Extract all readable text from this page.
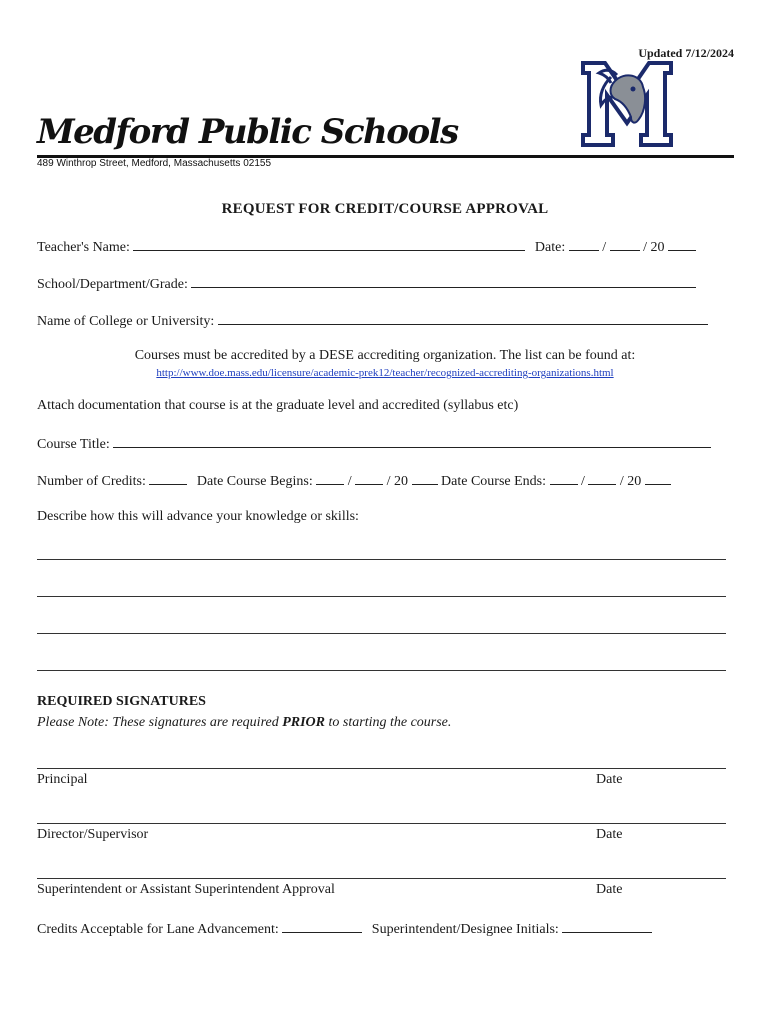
Updated 7/12/2024
Medford Public Schools
489 Winthrop Street, Medford, Massachusetts 02155
REQUEST FOR CREDIT/COURSE APPROVAL
Teacher's Name:	Date:  /  / 20
School/Department/Grade:
Name of College or University:
Courses must be accredited by a DESE accrediting organization. The list can be found at:
http://www.doe.mass.edu/licensure/academic-prek12/teacher/recognized-accrediting-organizations.html
Attach documentation that course is at the graduate level and accredited (syllabus etc)
Course Title:
Number of Credits:	Date Course Begins:  /  / 20 Date Course Ends:  /  / 20
Describe how this will advance your knowledge or skills:
REQUIRED SIGNATURES
Please Note: These signatures are required PRIOR to starting the course.
Principal	Date
Director/Supervisor	Date
Superintendent or Assistant Superintendent Approval	Date
Credits Acceptable for Lane Advancement:	Superintendent/Designee Initials:
